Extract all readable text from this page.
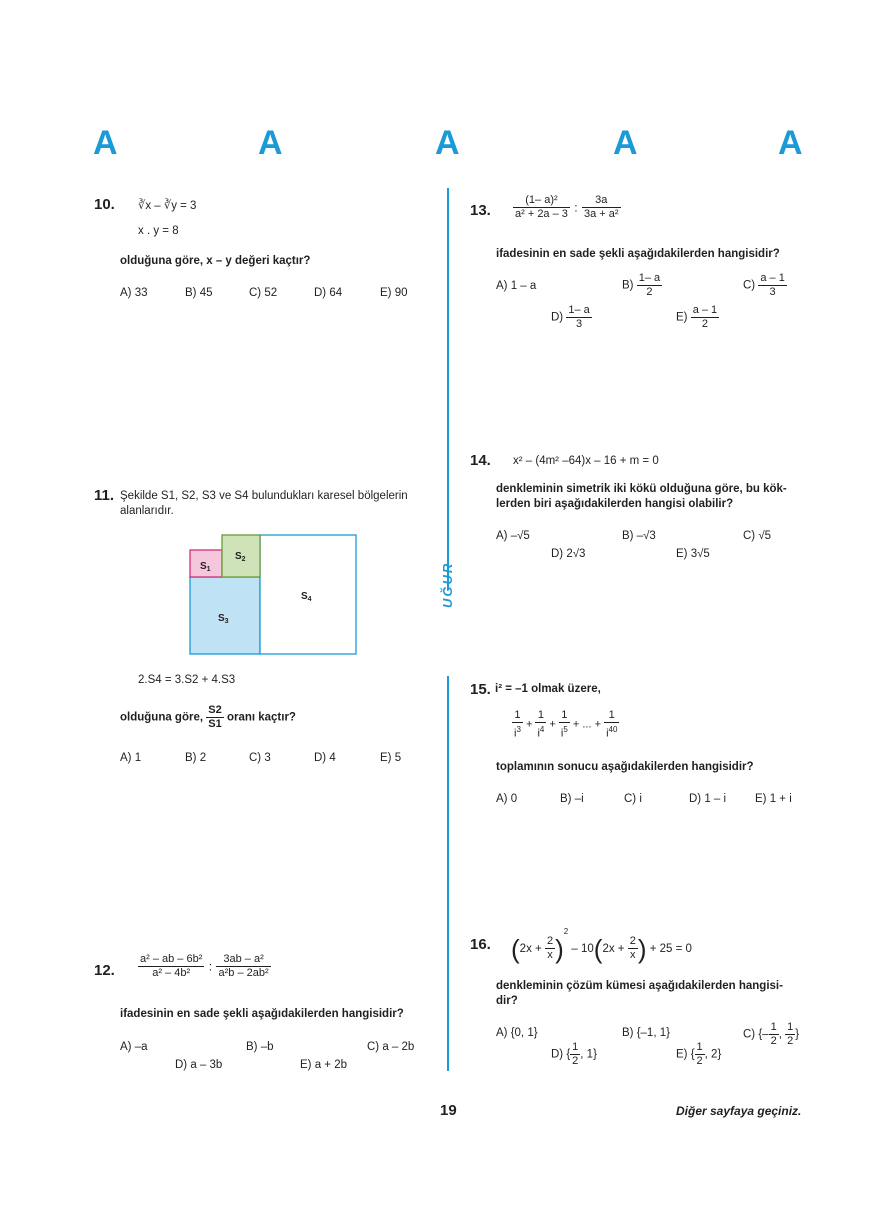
A	A	A	A	A
UĞUR
10. ∛x – ∛y = 3
x . y = 8
olduğuna göre, x – y değeri kaçtır?
A) 33	B) 45	C) 52	D) 64	E) 90
11. Şekilde S1, S2, S3 ve S4 bulundukları karesel bölgelerin alanlarıdır.
$S_1$
$S_2$
$S_3$
$S_4$
2.S4 = 3.S2 + 4.S3
olduğuna göre, $\frac{S2}{S1}$ oranı kaçtır?
A) 1	B) 2	C) 3	D) 4	E) 5
12. $\frac{\text{a² – ab – 6b²}}{\text{a² – 4b²}}$ : $\frac{\text{3ab – a²}}{\text{a²b – 2ab²}}$
ifadesinin en sade şekli aşağıdakilerden hangisidir?
A) –a	B) –b	C) a – 2b
D) a – 3b	E) a + 2b
13. $\frac{\text{(1– a)²}}{\text{a² + 2a – 3}}$ : $\frac{3a}{\text{3a + a²}}$
ifadesinin en sade şekli aşağıdakilerden hangisidir?
A) 1 – a	$B) \frac{1- a}{2}$	$C) \frac{a - 1}{3}$
$D) \frac{1- a}{3}$	$E) \frac{a - 1}{2}$
14. x² – (4m² –64)x – 16 + m = 0
denkleminin simetrik iki kökü olduğuna göre, bu kök-
lerden biri aşağıdakilerden hangisi olabilir?
A) –√5	B) –√3	C) √5
D) 2√3	E) 3√5
15. i² = –1 olmak üzere,
$\frac{1}{i^3} + \frac{1}{i^4} + \frac{1}{i^5}$ + ... + $\frac{1}{i^{40}}$
toplamının sonucu aşağıdakilerden hangisidir?
A) 0	B) –i	C) i	D) 1 – i	E) 1 + i
16. $(2x + \frac{2}{x} )^2 - 10(2x + \frac{2}{x}$ ) + 25 = 0
denkleminin çözüm kümesi aşağıdakilerden hangisi-
dir?
A) {0, 1}	B) {–1, 1}	C) {– $\frac{1}{2}$ , $\frac{1}{2}$ }
D) { $\frac{1}{2}$ , 1}	E) { $\frac{1}{2}$ , 2}
19	Diğer sayfaya geçiniz.
